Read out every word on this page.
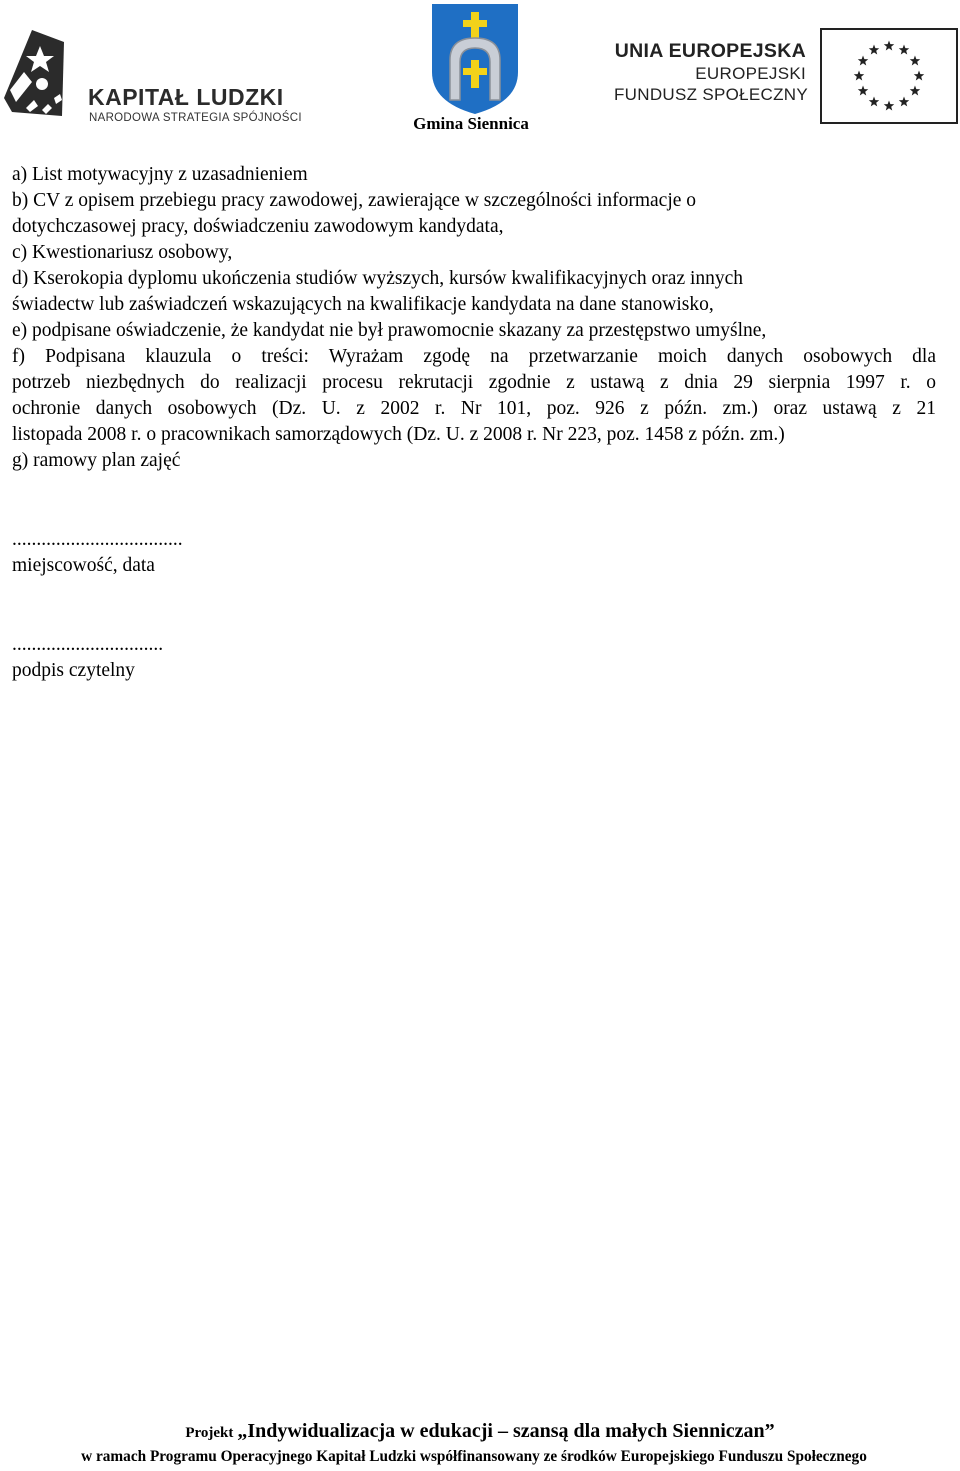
KAPITAŁ LUDZKI
NARODOWA STRATEGIA SPÓJNOŚCI	Gmina Siennica
UNIA EUROPEJSKA
EUROPEJSKI
FUNDUSZ SPOŁECZNY
a) List motywacyjny z uzasadnieniem
b) CV z opisem przebiegu pracy zawodowej, zawierające w szczególności informacje o
dotychczasowej pracy, doświadczeniu zawodowym kandydata,
c) Kwestionariusz osobowy,
d) Kserokopia dyplomu ukończenia studiów wyższych, kursów kwalifikacyjnych oraz innych
świadectw lub zaświadczeń wskazujących na kwalifikacje kandydata na dane stanowisko,
e) podpisane oświadczenie, że kandydat nie był prawomocnie skazany za przestępstwo umyślne,
f) Podpisana klauzula o treści: Wyrażam zgodę na przetwarzanie moich danych osobowych dla
potrzeb niezbędnych do realizacji procesu rekrutacji zgodnie z ustawą z dnia 29 sierpnia 1997 r. o
ochronie danych osobowych (Dz. U. z 2002 r. Nr 101, poz. 926 z późn. zm.) oraz ustawą z 21
listopada 2008 r. o pracownikach samorządowych (Dz. U. z 2008 r. Nr 223, poz. 1458 z późn. zm.)
g) ramowy plan zajęć
...................................
miejscowość, data
...............................
podpis czytelny
Projekt „Indywidualizacja w edukacji – szansą dla małych Sienniczan”
w ramach Programu Operacyjnego Kapitał Ludzki współfinansowany ze środków Europejskiego Funduszu Społecznego
